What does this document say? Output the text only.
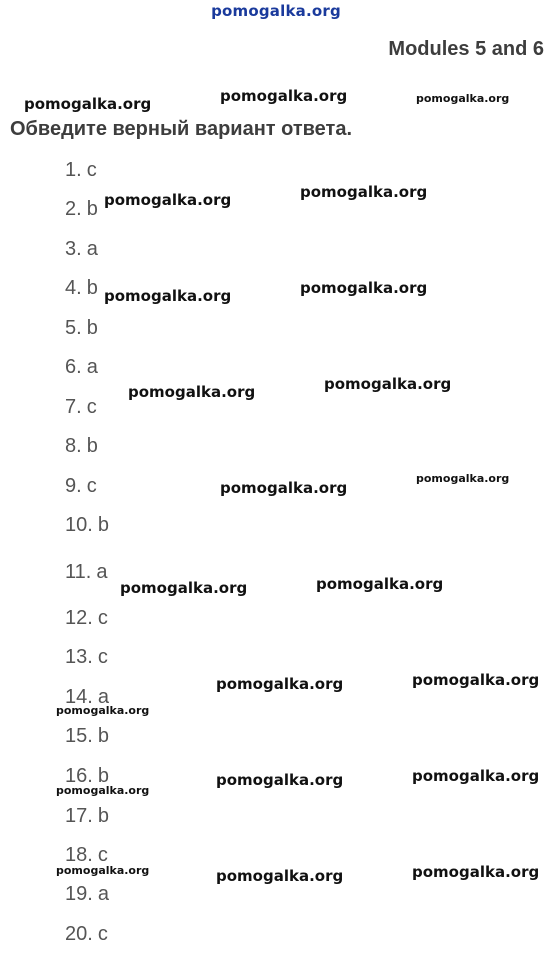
pomogalka.org
Modules 5 and 6
Обведите верный вариант ответа.
1. c
2. b
3. a
4. b
5. b
6. a
7. c
8. b
9. c
10. b
11. a
12. c
13. c
14. a
15. b
16. b
17. b
18. c
19. a
20. c
pomogalka.org	pomogalka.org	pomogalka.org
pomogalka.org	pomogalka.org
pomogalka.org	pomogalka.org
pomogalka.org	pomogalka.org
pomogalka.org
pomogalka.org
pomogalka.org	pomogalka.org
pomogalka.org	pomogalka.org
pomogalka.org
pomogalka.org	pomogalka.org
pomogalka.org
pomogalka.org	pomogalka.org
pomogalka.org
